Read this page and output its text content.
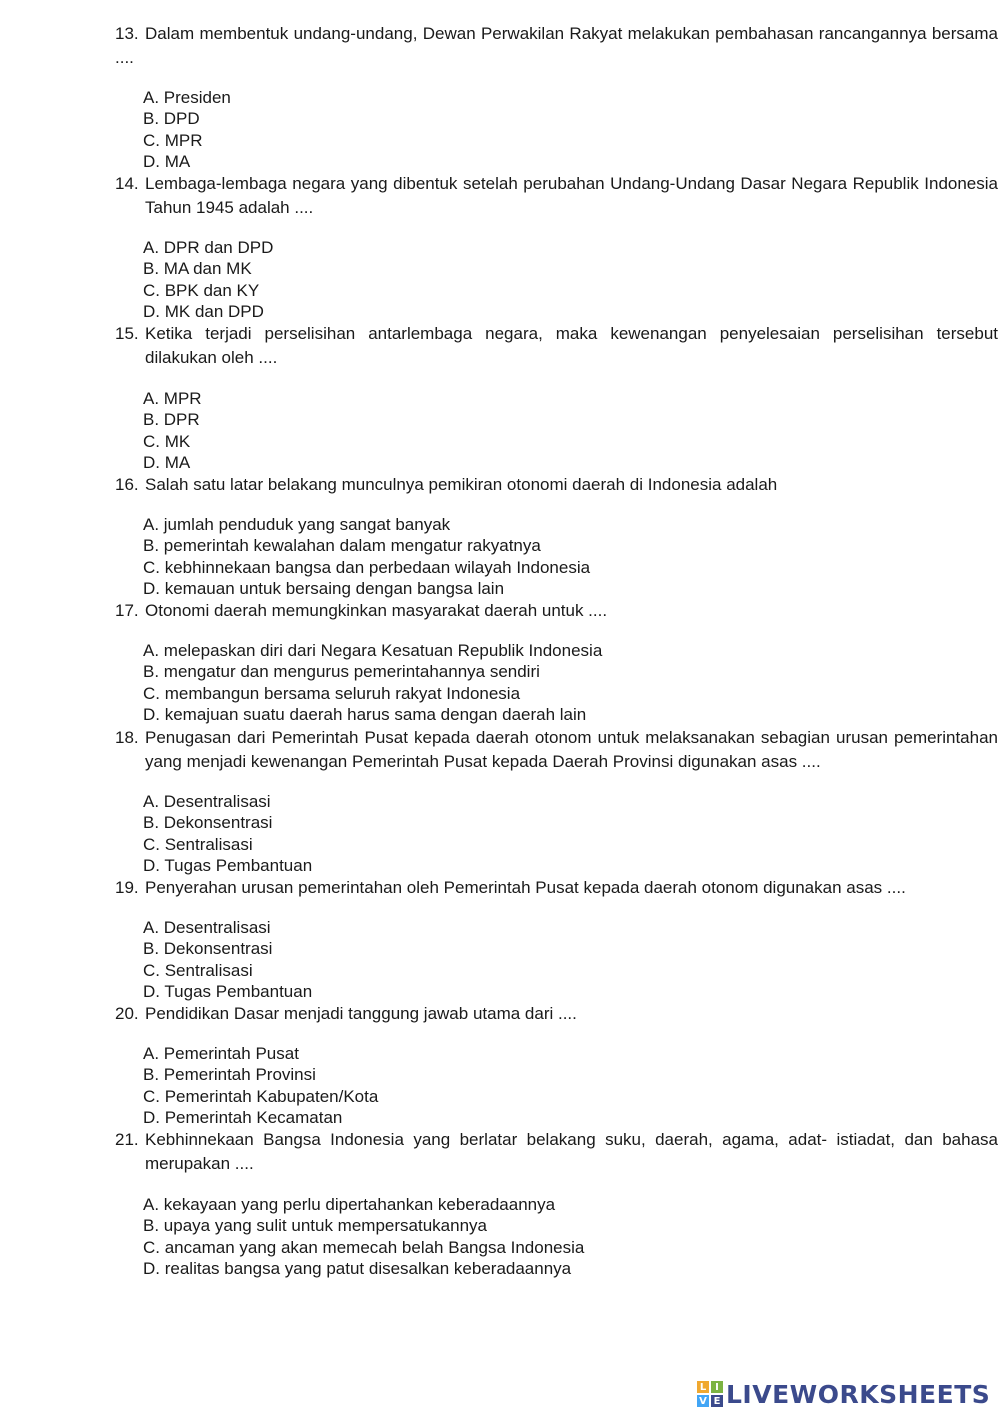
13. Dalam membentuk undang-undang, Dewan Perwakilan Rakyat melakukan pembahasan rancangannya bersama ....
A. Presiden
B. DPD
C. MPR
D. MA
14. Lembaga-lembaga negara yang dibentuk setelah perubahan Undang-Undang Dasar Negara Republik Indonesia Tahun 1945 adalah ....
A. DPR dan DPD
B. MA dan MK
C. BPK dan KY
D. MK dan DPD
15. Ketika terjadi perselisihan antarlembaga negara, maka kewenangan penyelesaian perselisihan tersebut dilakukan oleh ....
A. MPR
B. DPR
C. MK
D. MA
16. Salah satu latar belakang munculnya pemikiran otonomi daerah di Indonesia adalah
A. jumlah penduduk yang sangat banyak
B. pemerintah kewalahan dalam mengatur rakyatnya
C. kebhinnekaan bangsa dan perbedaan wilayah Indonesia
D. kemauan untuk bersaing dengan bangsa lain
17. Otonomi daerah memungkinkan masyarakat daerah untuk ....
A. melepaskan diri dari Negara Kesatuan Republik Indonesia
B. mengatur dan mengurus pemerintahannya sendiri
C. membangun bersama seluruh rakyat Indonesia
D. kemajuan suatu daerah harus sama dengan daerah lain
18. Penugasan dari Pemerintah Pusat kepada daerah otonom untuk melaksanakan sebagian urusan pemerintahan yang menjadi kewenangan Pemerintah Pusat kepada Daerah Provinsi digunakan asas ....
A. Desentralisasi
B. Dekonsentrasi
C. Sentralisasi
D. Tugas Pembantuan
19. Penyerahan urusan pemerintahan oleh Pemerintah Pusat kepada daerah otonom digunakan asas ....
A. Desentralisasi
B. Dekonsentrasi
C. Sentralisasi
D. Tugas Pembantuan
20. Pendidikan Dasar menjadi tanggung jawab utama dari ....
A. Pemerintah Pusat
B. Pemerintah Provinsi
C. Pemerintah Kabupaten/Kota
D. Pemerintah Kecamatan
21. Kebhinnekaan Bangsa Indonesia yang berlatar belakang suku, daerah, agama, adat- istiadat, dan bahasa merupakan ....
A. kekayaan yang perlu dipertahankan keberadaannya
B. upaya yang sulit untuk mempersatukannya
C. ancaman yang akan memecah belah Bangsa Indonesia
D. realitas bangsa yang patut disesalkan keberadaannya
L I
V E LIVEWORKSHEETS
